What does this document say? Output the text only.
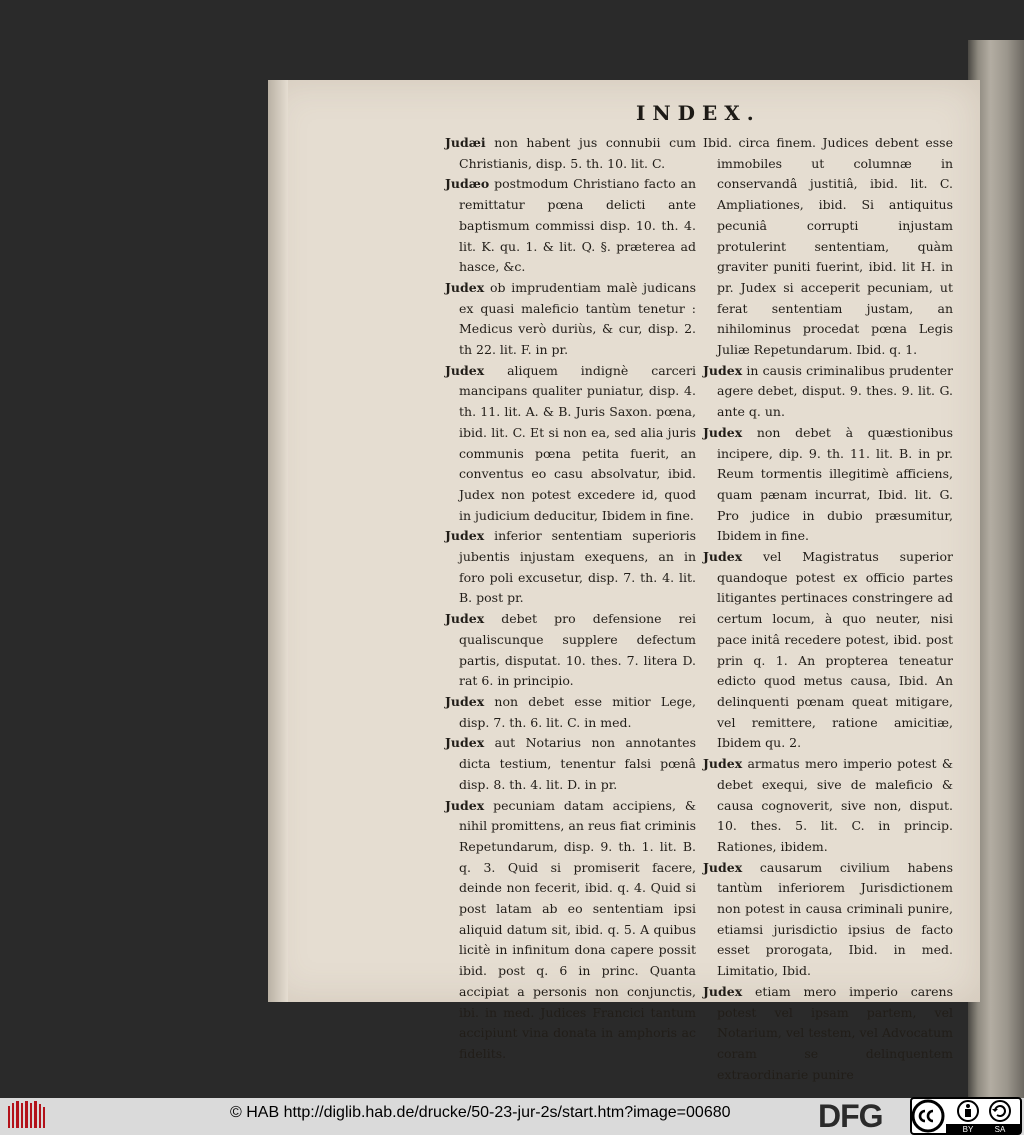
INDEX.
Judæi non habent jus connubii cum Christianis, disp. 5. th. 10. lit. C.
Judæo postmodum Christiano facto an remittatur pœna delicti ante baptismum commissi disp. 10. th. 4. lit. K. qu. 1. & lit. Q. §. præterea ad hasce, &c.
Judex ob imprudentiam malè judicans ex quasi maleficio tantùm tenetur : Medicus verò duriùs, & cur, disp. 2. th 22. lit. F. in pr.
Judex aliquem indignè carceri mancipans qualiter puniatur, disp. 4. th. 11. lit. A. & B. Juris Saxon. pœna, ibid. lit. C. Et si non ea, sed alia juris communis pœna petita fuerit, an conventus eo casu absolvatur, ibid. Judex non potest excedere id, quod in judicium deducitur, Ibidem in fine.
Judex inferior sententiam superioris jubentis injustam exequens, an in foro poli excusetur, disp. 7. th. 4. lit. B. post pr.
Judex debet pro defensione rei qualiscunque supplere defectum partis, disputat. 10. thes. 7. litera D. rat 6. in principio.
Judex non debet esse mitior Lege, disp. 7. th. 6. lit. C. in med.
Judex aut Notarius non annotantes dicta testium, tenentur falsi pœnâ disp. 8. th. 4. lit. D. in pr.
Judex pecuniam datam accipiens, & nihil promittens, an reus fiat criminis Repetundarum, disp. 9. th. 1. lit. B. q. 3. Quid si promiserit facere, deinde non fecerit, ibid. q. 4. Quid si post latam ab eo sententiam ipsi aliquid datum sit, ibid. q. 5. A quibus licitè in infinitum dona capere possit ibid. post q. 6 in princ. Quanta accipiat a personis non conjunctis, ibi. in med. Judices Francici tantum accipiunt vina donata in amphoris ac fidelits.
Ibid. circa finem. Judices debent esse immobiles ut columnæ in conservandâ justitiâ, ibid. lit. C. Ampliationes, ibid. Si antiquitus pecuniâ corrupti injustam protulerint sententiam, quàm graviter puniti fuerint, ibid. lit H. in pr. Judex si acceperit pecuniam, ut ferat sententiam justam, an nihilominus procedat pœna Legis Juliæ Repetundarum. Ibid. q. 1.
Judex in causis criminalibus prudenter agere debet, disput. 9. thes. 9. lit. G. ante q. un.
Judex non debet à quæstionibus incipere, dip. 9. th. 11. lit. B. in pr. Reum tormentis illegitimè afficiens, quam pænam incurrat, Ibid. lit. G. Pro judice in dubio præsumitur, Ibidem in fine.
Judex vel Magistratus superior quandoque potest ex officio partes litigantes pertinaces constringere ad certum locum, à quo neuter, nisi pace initâ recedere potest, ibid. post prin q. 1. An propterea teneatur edicto quod metus causa, Ibid. An delinquenti pœnam queat mitigare, vel remittere, ratione amicitiæ, Ibidem qu. 2.
Judex armatus mero imperio potest & debet exequi, sive de maleficio & causa cognoverit, sive non, disput. 10. thes. 5. lit. C. in princip. Rationes, ibidem.
Judex causarum civilium habens tantùm inferiorem Jurisdictionem non potest in causa criminali punire, etiamsi jurisdictio ipsius de facto esset prorogata, Ibid. in med. Limitatio, Ibid.
Judex etiam mero imperio carens potest vel ipsam partem, vel Notarium, vel testem, vel Advocatum coram se delinquentem extraordinarie punire
© HAB http://diglib.hab.de/drucke/50-23-jur-2s/start.htm?image=00680	DFG	BY	SA
